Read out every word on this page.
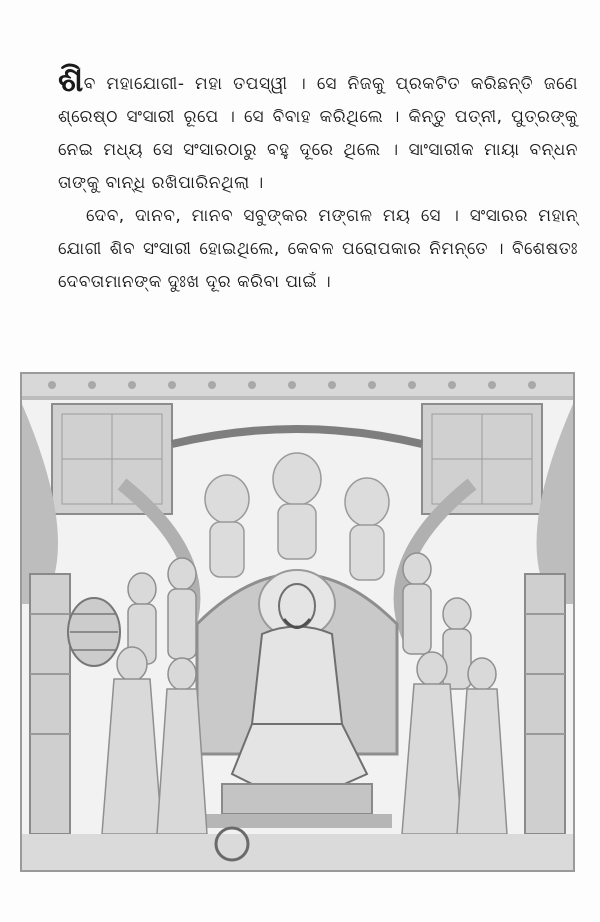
ଶିବ ମହାଯୋଗୀ- ମହା ତପସ୍ୱୀ । ସେ ନିଜକୁ ପ୍ରକଟିତ କରିଛନ୍ତି ଜଣେ ଶ୍ରେଷ୍ଠ ସଂସାରୀ ରୂପେ । ସେ ବିବାହ କରିଥିଲେ । କିନ୍ତୁ ପତ୍ନୀ, ପୁତ୍ରଙ୍କୁ ନେଇ ମଧ୍ୟ ସେ ସଂସାରଠାରୁ ବହୁ ଦୂରେ ଥିଲେ । ସାଂସାରୀକ ମାୟା ବନ୍ଧନ ତାଙ୍କୁ ବାନ୍ଧି ରଖିପାରିନଥିଲା ।

ଦେବ, ଦାନବ, ମାନବ ସବୁଙ୍କର ମଙ୍ଗଳ ମୟ ସେ । ସଂସାରର ମହାନ୍ ଯୋଗୀ ଶିବ ସଂସାରୀ ହୋଇଥିଲେ, କେବଳ ପରୋପକାର ନିମନ୍ତେ । ବିଶେଷତଃ ଦେବତାମାନଙ୍କ ଦୁଃଖ ଦୂର କରିବା ପାଇଁ ।
